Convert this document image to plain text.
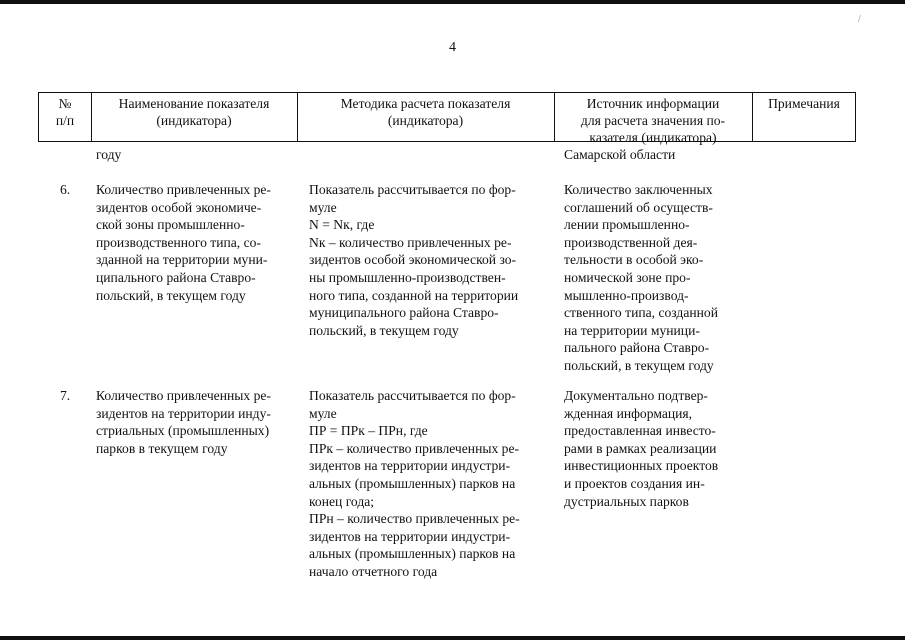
/
4
№
п/п
Наименование показателя
(индикатора)
Методика расчета показателя
(индикатора)
Источник информации
для расчета значения по-
казателя (индикатора)
Примечания
году	Самарской области
6. Количество привлеченных ре-
зидентов особой экономиче-
ской зоны промышленно-
производственного типа, со-
зданной на территории муни-
ципального района Ставро-
польский, в текущем году
Показатель рассчитывается по фор-
муле
N = Nк, где
Nк – количество привлеченных ре-
зидентов особой экономической зо-
ны промышленно-производствен-
ного типа, созданной на территории
муниципального района Ставро-
польский, в текущем году
Количество заключенных
соглашений об осуществ-
лении промышленно-
производственной дея-
тельности в особой эко-
номической зоне про-
мышленно-производ-
ственного типа, созданной
на территории муници-
пального района Ставро-
польский, в текущем году
7. Количество привлеченных ре-
зидентов на территории инду-
стриальных (промышленных)
парков в текущем году
Показатель рассчитывается по фор-
муле
ПР = ПРк – ПРн, где
ПРк – количество привлеченных ре-
зидентов на территории индустри-
альных (промышленных) парков на
конец года;
ПРн – количество привлеченных ре-
зидентов на территории индустри-
альных (промышленных) парков на
начало отчетного года
Документально подтвер-
жденная информация,
предоставленная инвесто-
рами в рамках реализации
инвестиционных проектов
и проектов создания ин-
дустриальных парков
